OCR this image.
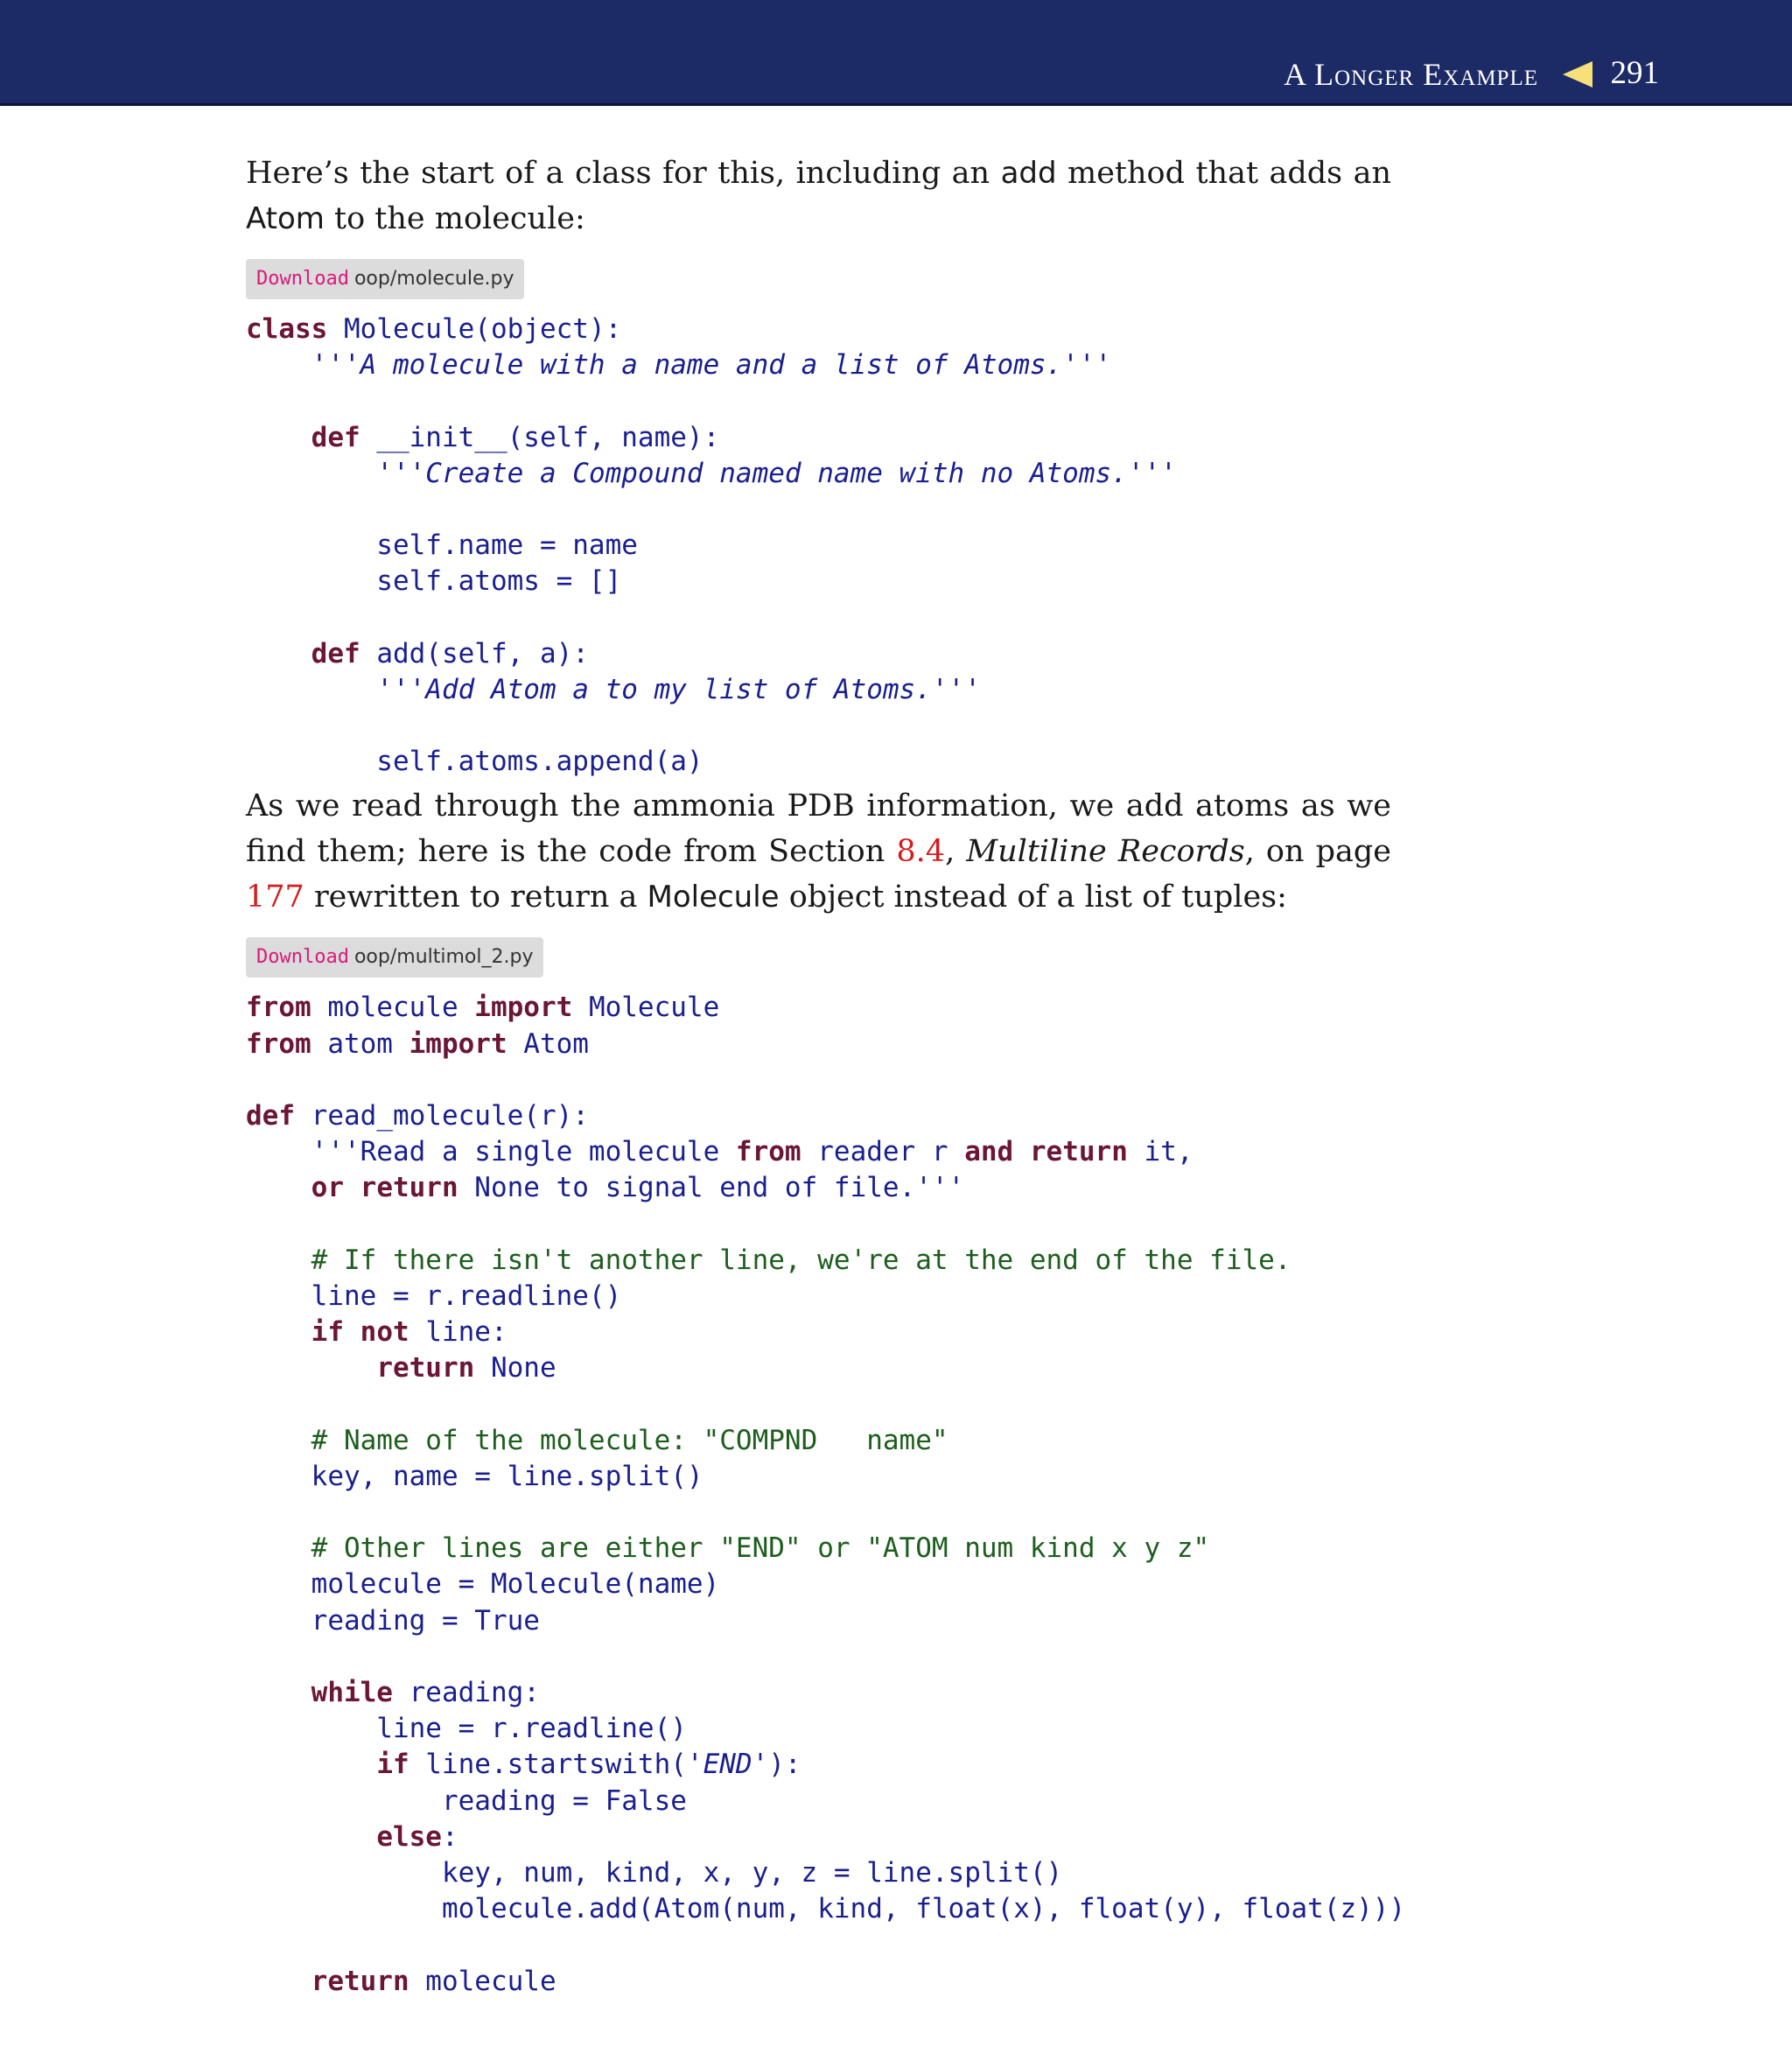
A Longer Example 291

Here’s the start of a class for this, including an add method that adds an Atom to the molecule:

Download oop/molecule.py
class Molecule(object):
'''A molecule with a name and a list of Atoms.'''
def __init__(self, name):
'''Create a Compound named name with no Atoms.'''
self.name = name
self.atoms = []
def add(self, a):
'''Add Atom a to my list of Atoms.'''
self.atoms.append(a)

As we read through the ammonia PDB information, we add atoms as we find them; here is the code from Section 8.4, Multiline Records, on page 177 rewritten to return a Molecule object instead of a list of tuples:

Download oop/multimol_2.py
from molecule import Molecule
from atom import Atom
def read_molecule(r):
'''Read a single molecule from reader r and return it,
or return None to signal end of file.'''
# If there isn't another line, we're at the end of the file.
line = r.readline()
if not line:
return None
# Name of the molecule: "COMPND   name"
key, name = line.split()
# Other lines are either "END" or "ATOM num kind x y z"
molecule = Molecule(name)
reading = True
while reading:
line = r.readline()
if line.startswith('END'):
reading = False
else:
key, num, kind, x, y, z = line.split()
molecule.add(Atom(num, kind, float(x), float(y), float(z)))
return molecule
